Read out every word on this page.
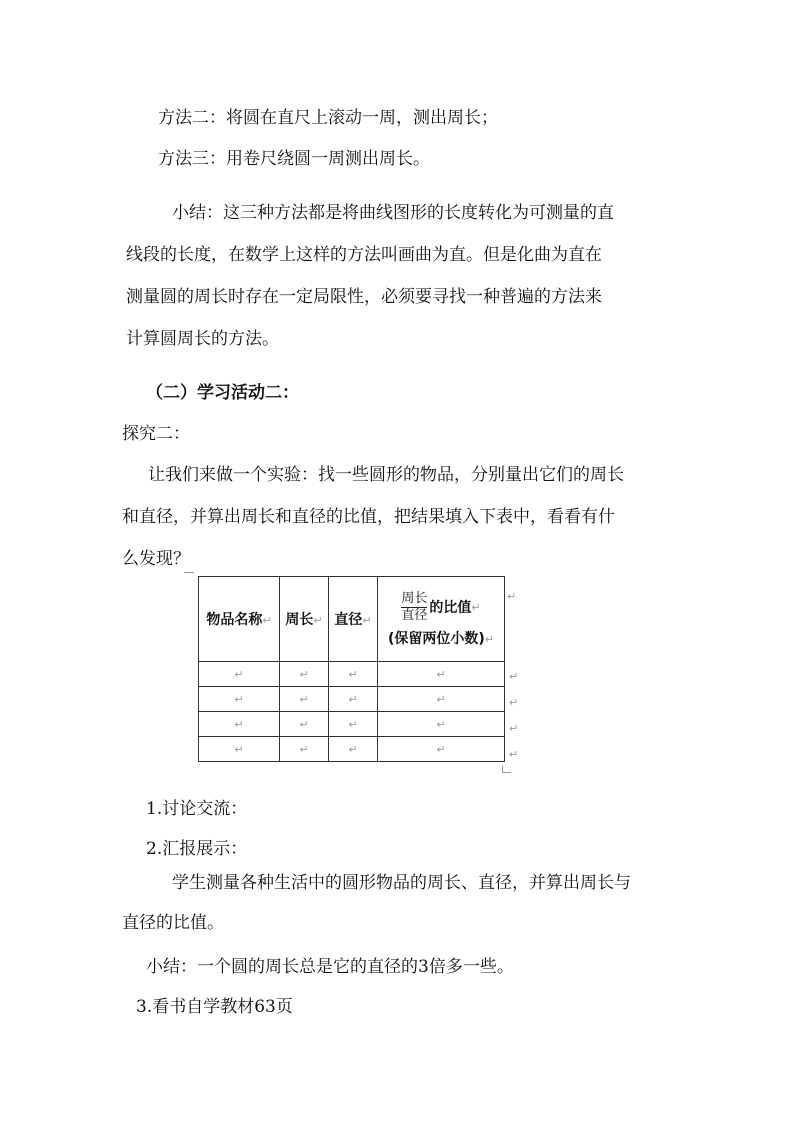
方法二：将圆在直尺上滚动一周，测出周长；
方法三：用卷尺绕圆一周测出周长。
小结：这三种方法都是将曲线图形的长度转化为可测量的直
线段的长度，在数学上这样的方法叫画曲为直。但是化曲为直在
测量圆的周长时存在一定局限性，必须要寻找一种普遍的方法来
计算圆周长的方法。
（二）学习活动二：
探究二：
让我们来做一个实验：找一些圆形的物品，分别量出它们的周长
和直径，并算出周长和直径的比值，把结果填入下表中，看看有什
么发现？
物品名称↵	周长↵	直径↵	$\frac{\text{周长}}{\text{直径}}$ 的比值 ↵
(保留两位小数)↵

↵	↵	↵	↵
↵	↵	↵	↵
↵	↵	↵	↵
↵	↵	↵	↵
↵
↵
↵
↵
↵
1.讨论交流：
2.汇报展示：
学生测量各种生活中的圆形物品的周长、直径，并算出周长与
直径的比值。
小结：一个圆的周长总是它的直径的3倍多一些。
3.看书自学教材63页
